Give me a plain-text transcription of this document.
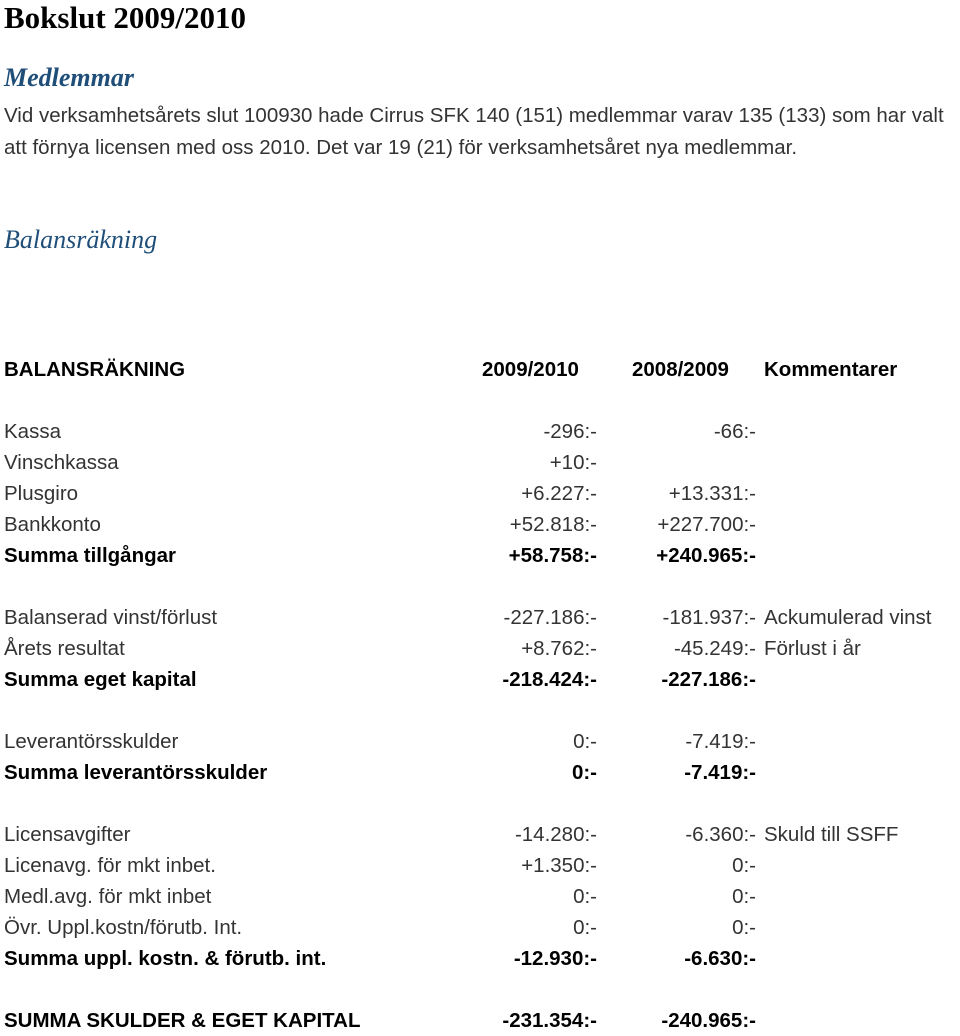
Bokslut 2009/2010
Medlemmar

Vid verksamhetsårets slut 100930 hade Cirrus SFK 140 (151) medlemmar varav 135 (133) som har valt att förnya licensen med oss 2010. Det var 19 (21) för verksamhetsåret nya medlemmar.

Balansräkning
BALANSRÄKNING	2009/2010	2008/2009 Kommentarer
Kassa	-296:-	-66:-
Vinschkassa	+10:-
Plusgiro	+6.227:-	+13.331:-
Bankkonto	+52.818:-	+227.700:-
Summa tillgångar	+58.758:-	+240.965:-
Balanserad vinst/förlust	-227.186:-	-181.937:- Ackumulerad vinst
Årets resultat	+8.762:-	-45.249:- Förlust i år
Summa eget kapital	-218.424:-	-227.186:-
Leverantörsskulder	0:-	-7.419:-
Summa leverantörsskulder	0:-	-7.419:-
Licensavgifter	-14.280:-	-6.360:- Skuld till SSFF
Licenavg. för mkt inbet.	+1.350:-	0:-
Medl.avg. för mkt inbet	0:-	0:-
Övr. Uppl.kostn/förutb. Int.	0:-	0:-
Summa uppl. kostn. & förutb. int.	-12.930:-	-6.630:-
SUMMA SKULDER & EGET KAPITAL	-231.354:-	-240.965:-
